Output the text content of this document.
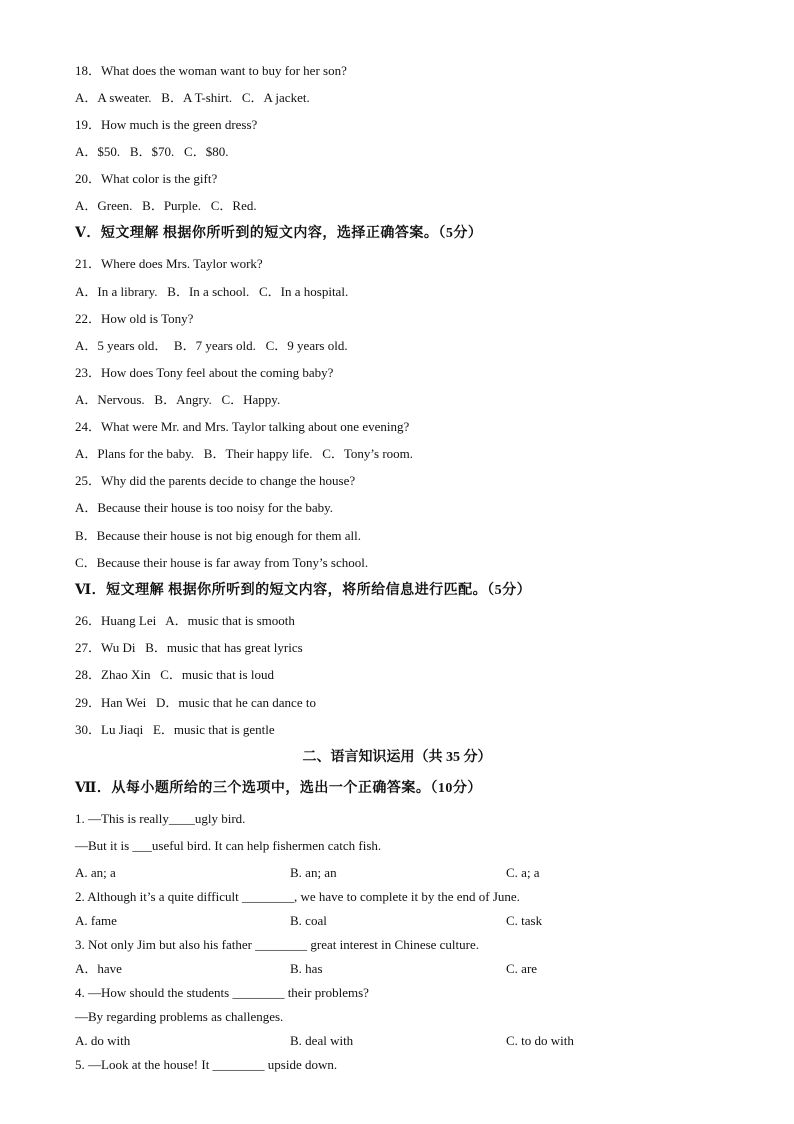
18．What does the woman want to buy for her son?
A．A sweater.   B．A T-shirt.   C．A jacket.
19．How much is the green dress?
A．$50.   B．$70.   C．$80.
20．What color is the gift?
A．Green.   B．Purple.   C．Red.
Ⅴ．短文理解 根据你所听到的短文内容，选择正确答案。（5分）
21．Where does Mrs. Taylor work?
A．In a library.   B．In a school.   C．In a hospital.
22．How old is Tony?
A．5 years old．  B．7 years old.   C．9 years old.
23．How does Tony feel about the coming baby?
A．Nervous.   B．Angry.   C．Happy.
24．What were Mr. and Mrs. Taylor talking about one evening?
A．Plans for the baby.   B．Their happy life.   C．Tony’s room.
25．Why did the parents decide to change the house?
A．Because their house is too noisy for the baby.
B．Because their house is not big enough for them all.
C．Because their house is far away from Tony’s school.
Ⅵ．短文理解 根据你所听到的短文内容，将所给信息进行匹配。（5分）
26．Huang Lei   A．music that is smooth
27．Wu Di   B．music that has great lyrics
28．Zhao Xin   C．music that is loud
29．Han Wei   D．music that he can dance to
30．Lu Jiaqi   E．music that is gentle
二、语言知识运用（共 35 分）
Ⅶ．从每小题所给的三个选项中，选出一个正确答案。（10分）
1. —This is really____ugly bird.
—But it is ___useful bird. It can help fishermen catch fish.
A. an; a	B. an; an	C. a; a
2. Although it’s a quite difficult ________, we have to complete it by the end of June.
A. fame	B. coal	C. task
3. Not only Jim but also his father ________ great interest in Chinese culture.
A．have	B. has	C. are
4. —How should the students ________ their problems?
—By regarding problems as challenges.
A. do with	B. deal with	C. to do with
5. —Look at the house! It ________ upside down.
